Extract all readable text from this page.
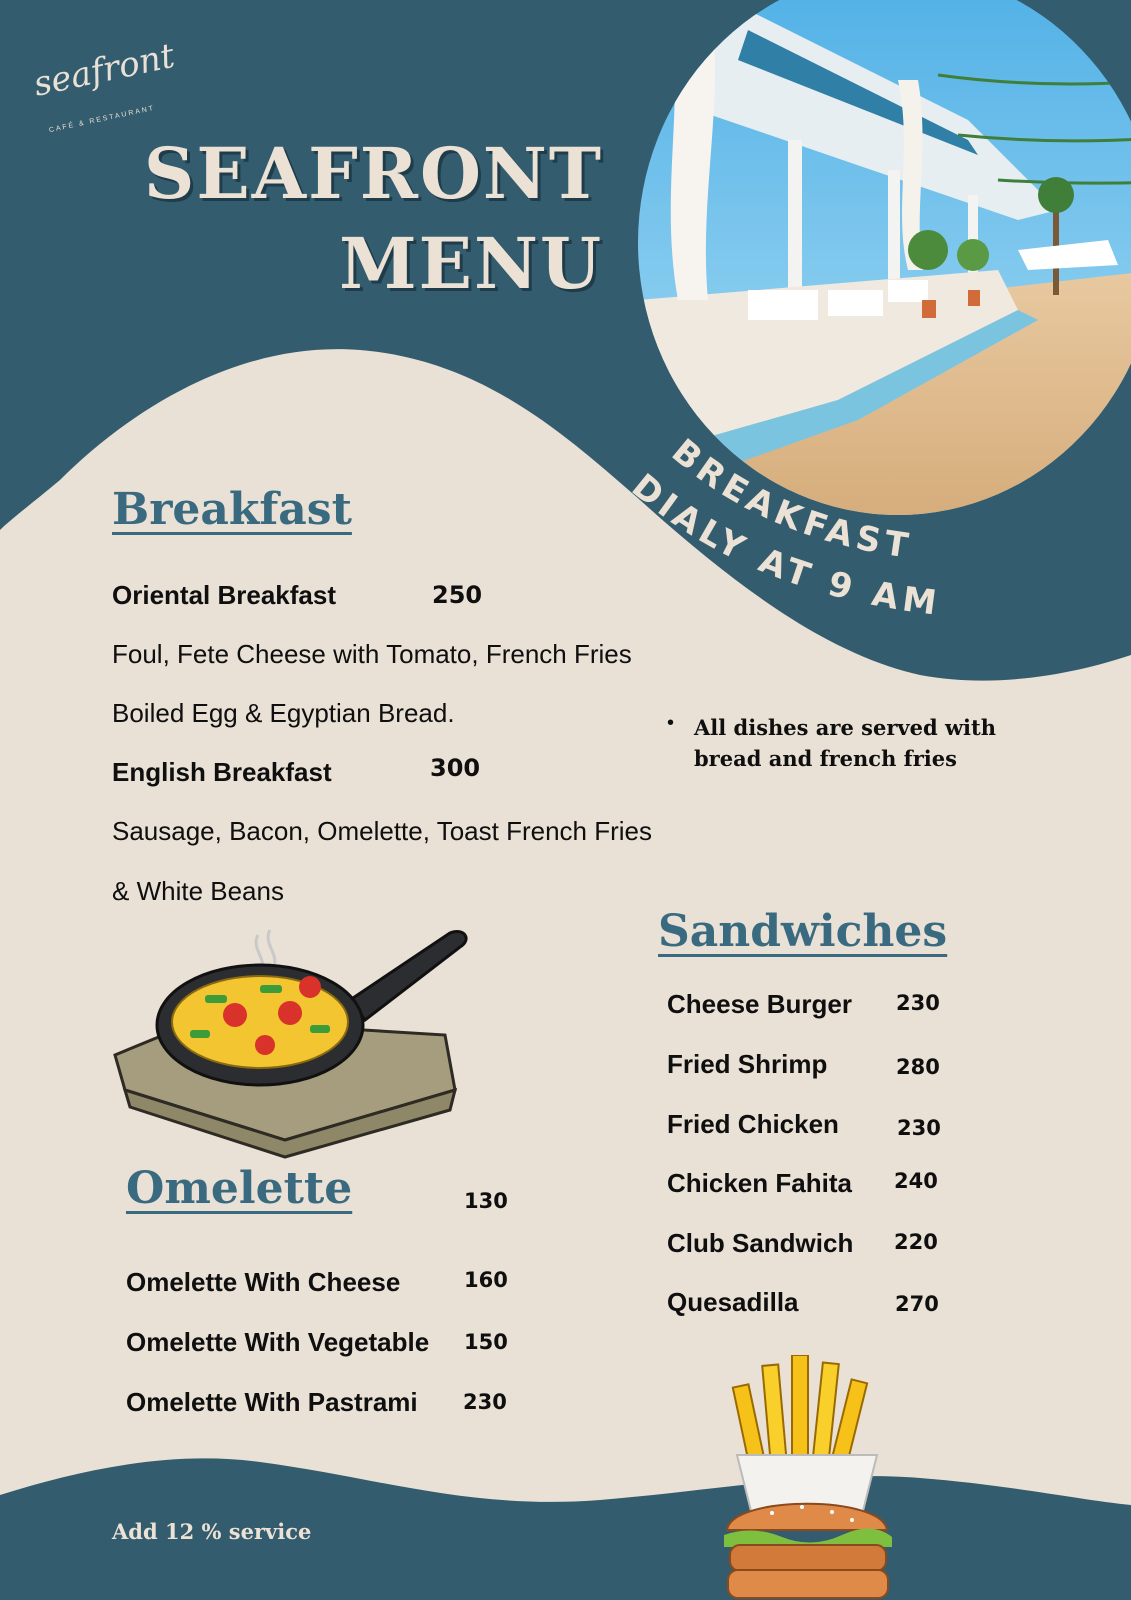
seafront
CAFÉ & RESTAURANT
SEAFRONT
MENU
BREAKFAST
DIALY AT 9 AM
Breakfast
Oriental Breakfast	250
Foul, Fete Cheese with Tomato, French Fries
Boiled Egg & Egyptian Bread.
English Breakfast	300
Sausage, Bacon, Omelette, Toast French Fries
& White Beans
• All dishes are served with bread and french fries
Omelette	130
Omelette With Cheese	160
Omelette With Vegetable 150
Omelette With Pastrami 230
Sandwiches
Cheese Burger 230
Fried Shrimp	280
Fried Chicken	230
Chicken Fahita 240
Club Sandwich 220
Quesadilla	270
Add 12 % service
